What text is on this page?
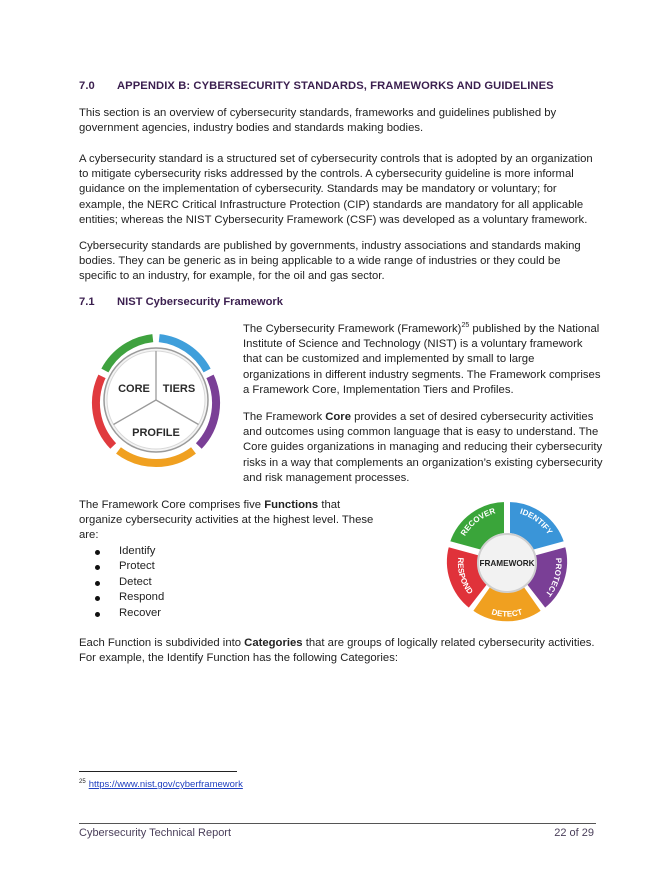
7.0 APPENDIX B: CYBERSECURITY STANDARDS, FRAMEWORKS AND GUIDELINES

This section is an overview of cybersecurity standards, frameworks and guidelines published by government agencies, industry bodies and standards making bodies.

A cybersecurity standard is a structured set of cybersecurity controls that is adopted by an organization to mitigate cybersecurity risks addressed by the controls. A cybersecurity guideline is more informal guidance on the implementation of cybersecurity. Standards may be mandatory or voluntary; for example, the NERC Critical Infrastructure Protection (CIP) standards are mandatory for all applicable entities; whereas the NIST Cybersecurity Framework (CSF) was developed as a voluntary framework.

Cybersecurity standards are published by governments, industry associations and standards making bodies. They can be generic as in being applicable to a wide range of industries or they could be specific to an industry, for example, for the oil and gas sector.

7.1 NIST Cybersecurity Framework
CORE TIERS
PROFILE

The Cybersecurity Framework (Framework)$^{25}$ published by the National Institute of Science and Technology (NIST) is a voluntary framework that can be customized and implemented by small to large organizations in different industry segments. The Framework comprises a Framework Core, Implementation Tiers and Profiles.

The Framework Core provides a set of desired cybersecurity activities and outcomes using common language that is easy to understand. The Core guides organizations in managing and reducing their cybersecurity risks in a way that complements an organization’s existing cybersecurity and risk management processes.

The Framework Core comprises five Functions that organize cybersecurity activities at the highest level. These are:

Identify
Protect
Detect
Respond
Recover
FRAMEWORK
IDENTIFY
PROTECT
DETECT
RESPOND
RECOVER

Each Function is subdivided into Categories that are groups of logically related cybersecurity activities. For example, the Identify Function has the following Categories:

$^{25}$ https://www.nist.gov/cyberframework
Cybersecurity Technical Report	22 of 29
